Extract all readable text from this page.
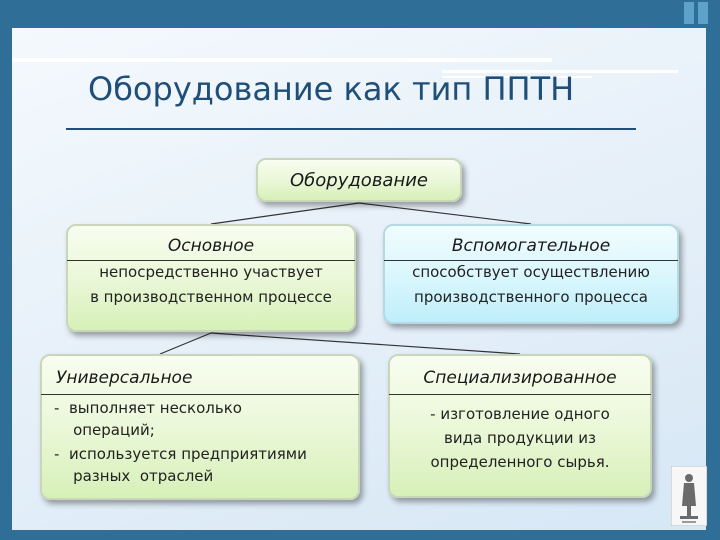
Оборудование как тип ППТН
Оборудование
Основное
непосредственно участвует
в производственном процессе
Вспомогательное
способствует осуществлению
производственного процесса
Универсальное
-  выполняет несколько
операций;
-  используется предприятиями
разных  отраслей
Специализированное
- изготовление одного
вида продукции из
определенного сырья.
